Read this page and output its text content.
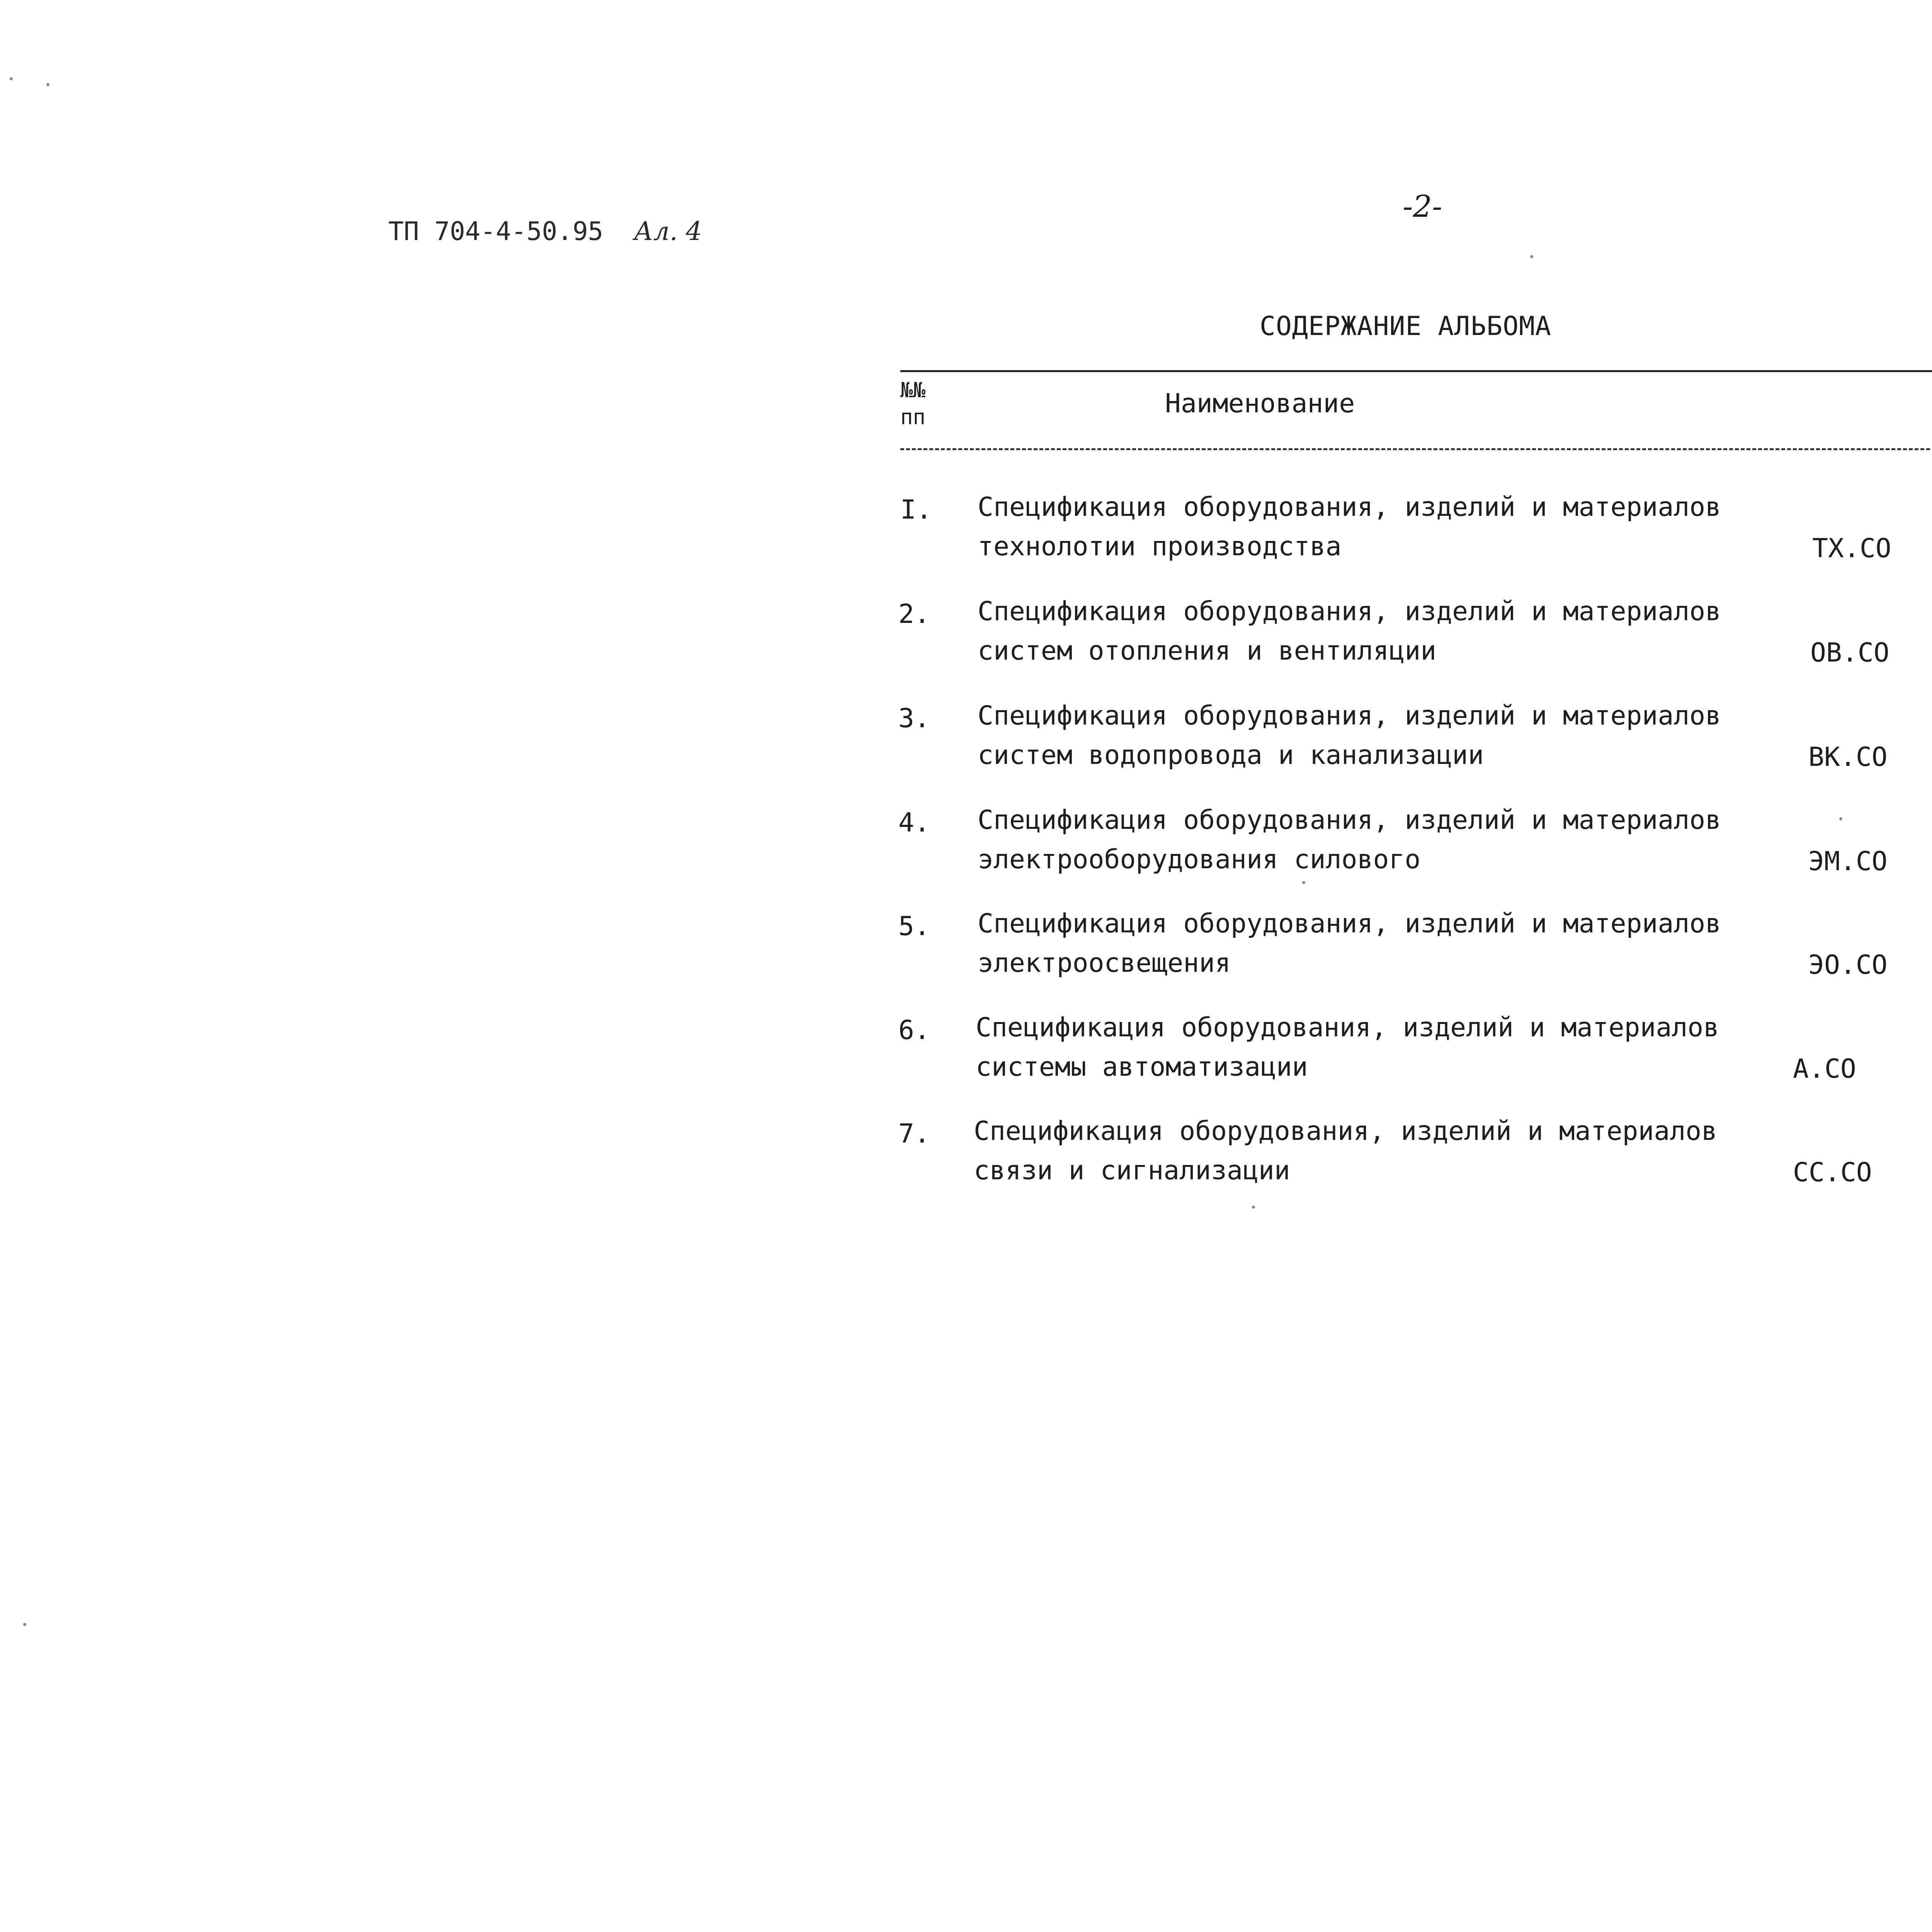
ТП 704-4-50.95 Ал. 4
-2-
СОДЕРЖАНИЕ АЛЬБОМА
№№
пп	Наименование
I. Спецификация оборудования, изделий и материалов
технолотии производства	ТХ.СО
2. Спецификация оборудования, изделий и материалов
систем отопления и вентиляции	ОВ.СО
3. Спецификация оборудования, изделий и материалов
систем водопровода и канализации	ВК.СО
4. Спецификация оборудования, изделий и материалов
электрооборудования силового	ЭМ.СО
5. Спецификация оборудования, изделий и материалов
электроосвещения	ЭО.СО
6. Спецификация оборудования, изделий и материалов
системы автоматизации	А.СО
7. Спецификация оборудования, изделий и материалов
связи и сигнализации	СС.СО
